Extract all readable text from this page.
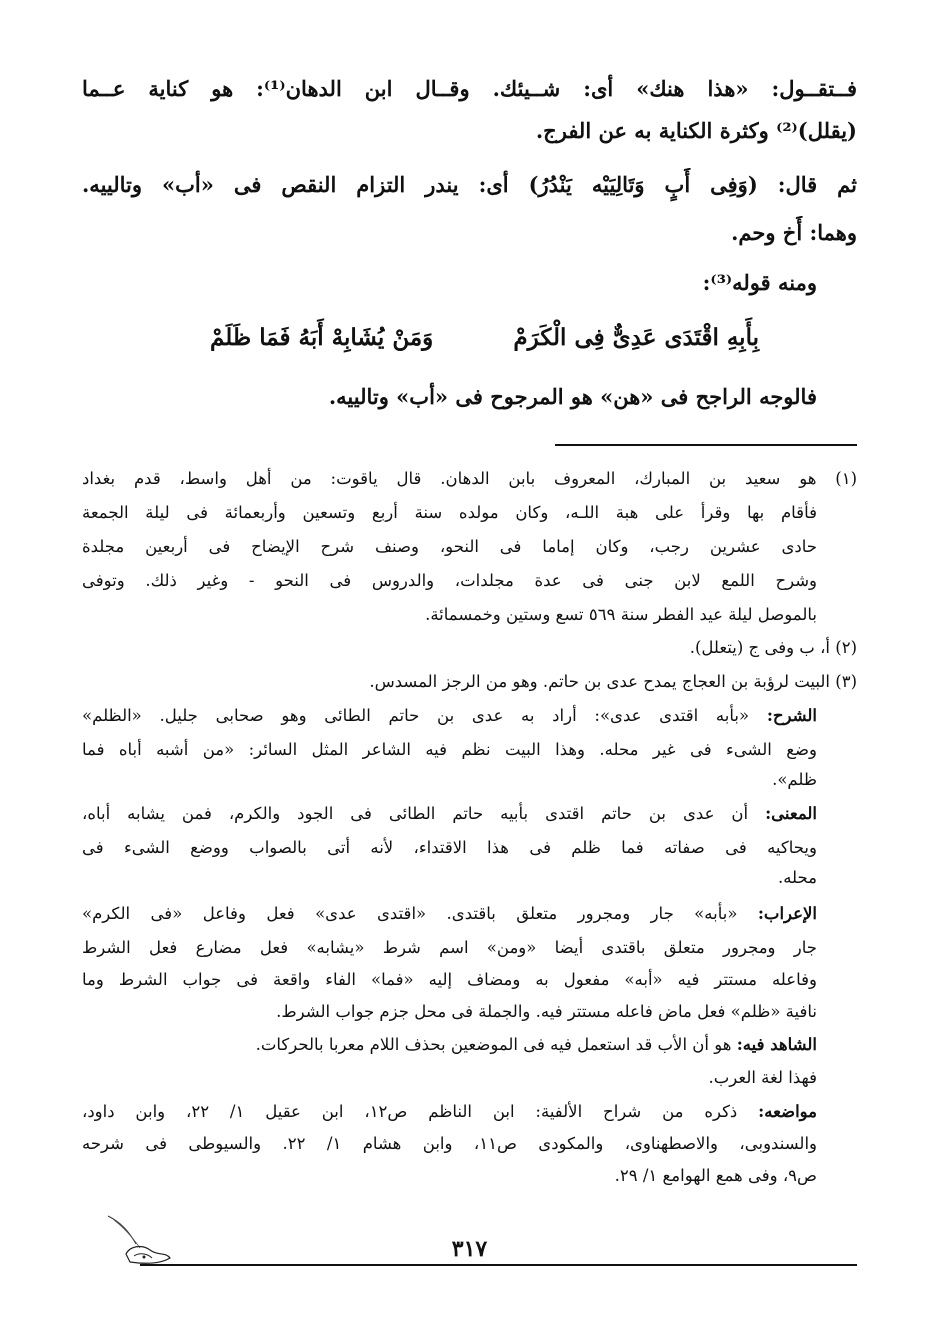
فــتقــول: «هذا هنك» أى: شــيئك. وقــال ابن الدهان⁽¹⁾: هو كناية عــما
(يقلل)⁽²⁾ وكثرة الكناية به عن الفرج.
ثم قال: (وَفِى أَبٍ وَتَالِيَيْه يَنْدُرُ) أى: يندر التزام النقص فى «أب» وتالييه.
وهما: أَخ وحم.
ومنه قوله⁽³⁾:
بِأَبِهِ اقْتَدَى عَدِىٌّ فِى الْكَرَمْ
وَمَنْ يُشَابِهْ أَبَهُ فَمَا ظَلَمْ
فالوجه الراجح فى «هن» هو المرجوح فى «أب» وتالييه.
(١) هو سعيد بن المبارك، المعروف بابن الدهان. قال ياقوت: من أهل واسط، قدم بغداد
فأقام بها وقرأ على هبة اللـه، وكان مولده سنة أربع وتسعين وأربعمائة فى ليلة الجمعة
حادى عشرين رجب، وكان إماما فى النحو، وصنف شرح الإيضاح فى أربعين مجلدة
وشرح اللمع لابن جنى فى عدة مجلدات، والدروس فى النحو - وغير ذلك. وتوفى
بالموصل ليلة عيد الفطر سنة ٥٦٩ تسع وستين وخمسمائة.
(٢) أ، ب وفى ج (يتعلل).
(٣) البيت لرؤبة بن العجاج يمدح عدى بن حاتم. وهو من الرجز المسدس.
الشرح: «بأبه اقتدى عدى»: أراد به عدى بن حاتم الطائى وهو صحابى جليل. «الظلم»
وضع الشىء فى غير محله. وهذا البيت نظم فيه الشاعر المثل السائر: «من أشبه أباه فما
ظلم».
المعنى: أن عدى بن حاتم اقتدى بأبيه حاتم الطائى فى الجود والكرم، فمن يشابه أباه،
ويحاكيه فى صفاته فما ظلم فى هذا الاقتداء، لأنه أتى بالصواب ووضع الشىء فى
محله.
الإعراب: «بأبه» جار ومجرور متعلق باقتدى. «اقتدى عدى» فعل وفاعل «فى الكرم»
جار ومجرور متعلق باقتدى أيضا «ومن» اسم شرط «يشابه» فعل مضارع فعل الشرط
وفاعله مستتر فيه «أبه» مفعول به ومضاف إليه «فما» الفاء واقعة فى جواب الشرط وما
نافية «ظلم» فعل ماض فاعله مستتر فيه. والجملة فى محل جزم جواب الشرط.
الشاهد فيه: هو أن الأب قد استعمل فيه فى الموضعين بحذف اللام معربا بالحركات.
فهذا لغة العرب.
مواضعه: ذكره من شراح الألفية: ابن الناظم ص١٢، ابن عقيل ١/ ٢٢، وابن داود،
والسندوبى، والاصطهناوى، والمكودى ص١١، وابن هشام ١/ ٢٢. والسيوطى فى شرحه
ص٩، وفى همع الهوامع ١/ ٢٩.
٣١٧
